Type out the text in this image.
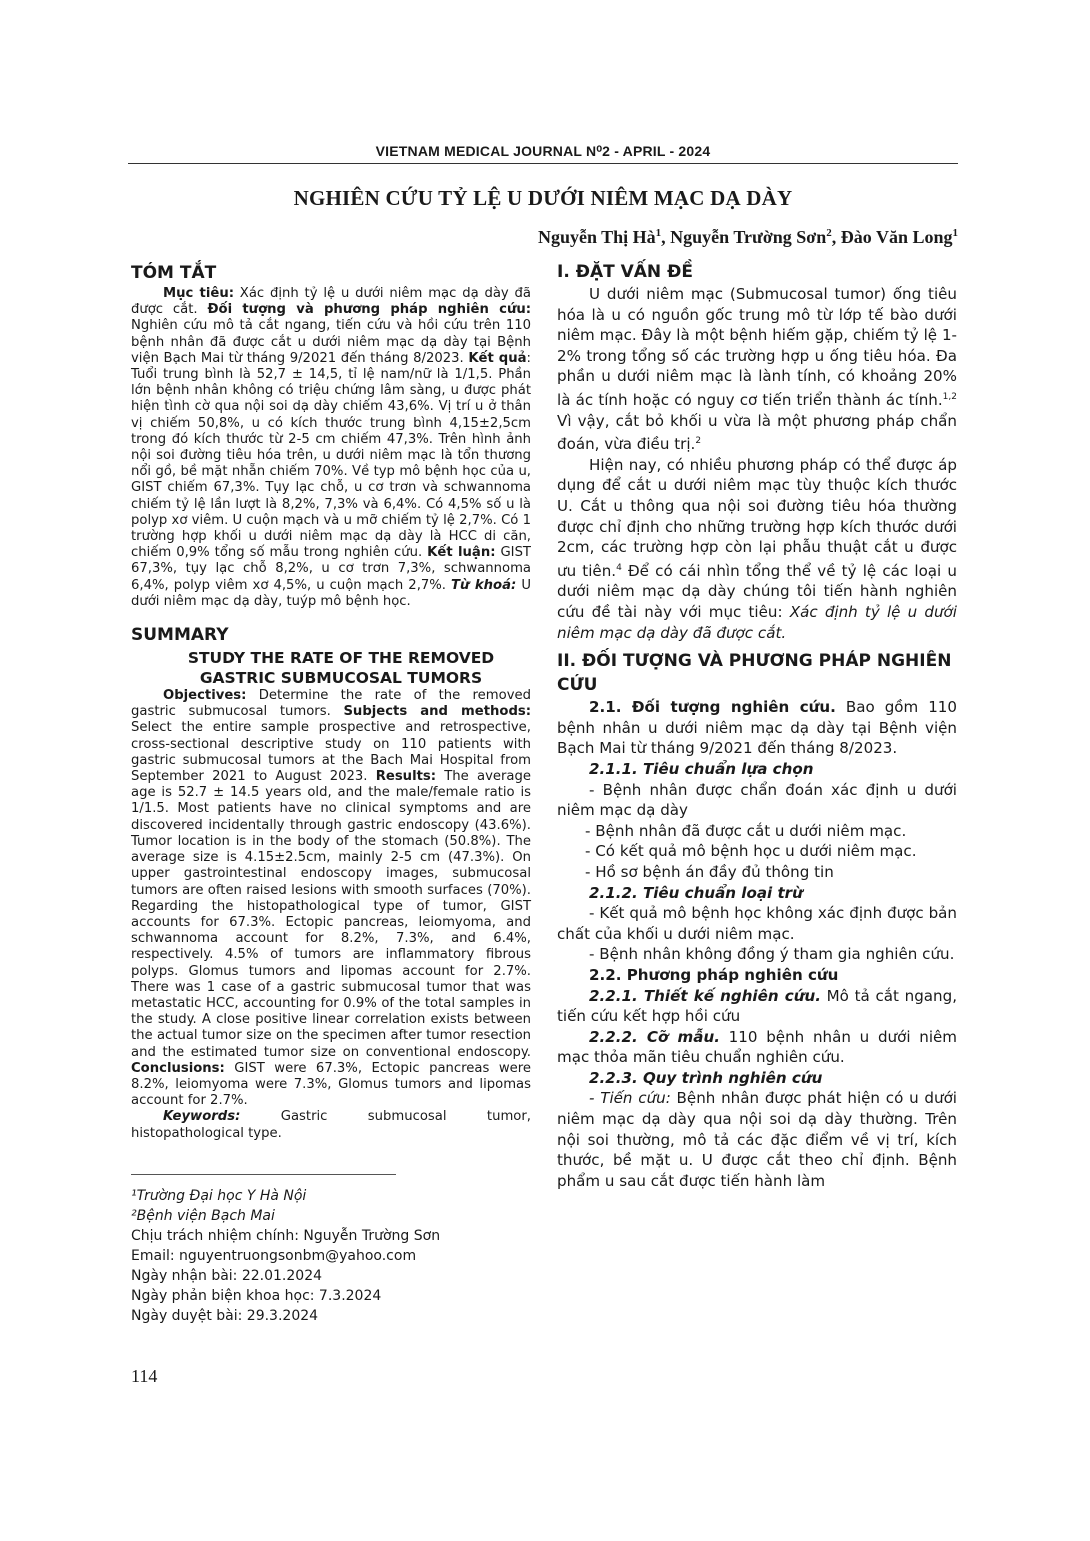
VIETNAM MEDICAL JOURNAL N⁰2 - APRIL - 2024
NGHIÊN CỨU TỶ LỆ U DƯỚI NIÊM MẠC DẠ DÀY
Nguyễn Thị $Hà^1$, Nguyễn Trường Sơn$^2$, Đào Văn Long$^1$
TÓM TẮT

Mục tiêu: Xác định tỷ lệ u dưới niêm mạc dạ dày đã được cắt. Đối tượng và phương pháp nghiên cứu: Nghiên cứu mô tả cắt ngang, tiến cứu và hồi cứu trên 110 bệnh nhân đã được cắt u dưới niêm mạc dạ dày tại Bệnh viện Bạch Mai từ tháng 9/2021 đến tháng 8/2023. Kết quả: Tuổi trung bình là 52,7 ± 14,5, tỉ lệ nam/nữ là 1/1,5. Phần lớn bệnh nhân không có triệu chứng lâm sàng, u được phát hiện tình cờ qua nội soi dạ dày chiếm 43,6%. Vị trí u ở thân vị chiếm 50,8%, u có kích thước trung bình 4,15±2,5cm trong đó kích thước từ 2-5 cm chiếm 47,3%. Trên hình ảnh nội soi đường tiêu hóa trên, u dưới niêm mạc là tổn thương nổi gồ, bề mặt nhẵn chiếm 70%. Về typ mô bệnh học của u, GIST chiếm 67,3%. Tụy lạc chỗ, u cơ trơn và schwannoma chiếm tỷ lệ lần lượt là 8,2%, 7,3% và 6,4%. Có 4,5% số u là polyp xơ viêm. U cuộn mạch và u mỡ chiếm tỷ lệ 2,7%. Có 1 trường hợp khối u dưới niêm mạc dạ dày là HCC di căn, chiếm 0,9% tổng số mẫu trong nghiên cứu. Kết luận: GIST 67,3%, tụy lạc chỗ 8,2%, u cơ trơn 7,3%, schwannoma 6,4%, polyp viêm xơ 4,5%, u cuộn mạch 2,7%. Từ khoá: U dưới niêm mạc dạ dày, tuýp mô bệnh học.

SUMMARY
STUDY THE RATE OF THE REMOVED
GASTRIC SUBMUCOSAL TUMORS

Objectives: Determine the rate of the removed gastric submucosal tumors. Subjects and methods: Select the entire sample prospective and retrospective, cross-sectional descriptive study on 110 patients with gastric submucosal tumors at the Bach Mai Hospital from September 2021 to August 2023. Results: The average age is 52.7 ± 14.5 years old, and the male/female ratio is 1/1.5. Most patients have no clinical symptoms and are discovered incidentally through gastric endoscopy (43.6%). Tumor location is in the body of the stomach (50.8%). The average size is 4.15±2.5cm, mainly 2-5 cm (47.3%). On upper gastrointestinal endoscopy images, submucosal tumors are often raised lesions with smooth surfaces (70%). Regarding the histopathological type of tumor, GIST accounts for 67.3%. Ectopic pancreas, leiomyoma, and schwannoma account for 8.2%, 7.3%, and 6.4%, respectively. 4.5% of tumors are inflammatory fibrous polyps. Glomus tumors and lipomas account for 2.7%. There was 1 case of a gastric submucosal tumor that was metastatic HCC, accounting for 0.9% of the total samples in the study. A close positive linear correlation exists between the actual tumor size on the specimen after tumor resection and the estimated tumor size on conventional endoscopy. Conclusions: GIST were 67.3%, Ectopic pancreas were 8.2%, leiomyoma were 7.3%, Glomus tumors and lipomas account for 2.7%.

Keywords: Gastric submucosal tumor, histopathological type.

¹Trường Đại học Y Hà Nội
²Bệnh viện Bạch Mai
Chịu trách nhiệm chính: Nguyễn Trường Sơn
Email: nguyentruongsonbm@yahoo.com
Ngày nhận bài: 22.01.2024
Ngày phản biện khoa học: 7.3.2024
Ngày duyệt bài: 29.3.2024
I. ĐẶT VẤN ĐỀ

U dưới niêm mạc (Submucosal tumor) ống tiêu hóa là u có nguồn gốc trung mô từ lớp tế bào dưới niêm mạc. Đây là một bệnh hiếm gặp, chiếm tỷ lệ 1-2% trong tổng số các trường hợp u ống tiêu hóa. Đa phần u dưới niêm mạc là lành tính, có khoảng 20% là ác tính hoặc có nguy cơ tiến triển thành ác tính.$^{1,2}$ Vì vậy, cắt bỏ khối u vừa là một phương pháp chẩn đoán, vừa điều trị.$^2$

Hiện nay, có nhiều phương pháp có thể được áp dụng để cắt u dưới niêm mạc tùy thuộc kích thước U. Cắt u thông qua nội soi đường tiêu hóa thường được chỉ định cho những trường hợp kích thước dưới 2cm, các trường hợp còn lại phẫu thuật cắt u được ưu tiên.$^4$ Để có cái nhìn tổng thể về tỷ lệ các loại u dưới niêm mạc dạ dày chúng tôi tiến hành nghiên cứu đề tài này với mục tiêu: Xác định tỷ lệ u dưới niêm mạc dạ dày đã được cắt.

II. ĐỐI TƯỢNG VÀ PHƯƠNG PHÁP NGHIÊN CỨU

2.1. Đối tượng nghiên cứu. Bao gồm 110 bệnh nhân u dưới niêm mạc dạ dày tại Bệnh viện Bạch Mai từ tháng 9/2021 đến tháng 8/2023.

2.1.1. Tiêu chuẩn lựa chọn

- Bệnh nhân được chẩn đoán xác định u dưới niêm mạc dạ dày

- Bệnh nhân đã được cắt u dưới niêm mạc.

- Có kết quả mô bệnh học u dưới niêm mạc.

- Hồ sơ bệnh án đầy đủ thông tin

2.1.2. Tiêu chuẩn loại trừ

- Kết quả mô bệnh học không xác định được bản chất của khối u dưới niêm mạc.

- Bệnh nhân không đồng ý tham gia nghiên cứu.

2.2. Phương pháp nghiên cứu

2.2.1. Thiết kế nghiên cứu. Mô tả cắt ngang, tiến cứu kết hợp hồi cứu

2.2.2. Cỡ mẫu. 110 bệnh nhân u dưới niêm mạc thỏa mãn tiêu chuẩn nghiên cứu.

2.2.3. Quy trình nghiên cứu

- Tiến cứu: Bệnh nhân được phát hiện có u dưới niêm mạc dạ dày qua nội soi dạ dày thường. Trên nội soi thường, mô tả các đặc điểm về vị trí, kích thước, bề mặt u. U được cắt theo chỉ định. Bệnh phẩm u sau cắt được tiến hành làm

114
